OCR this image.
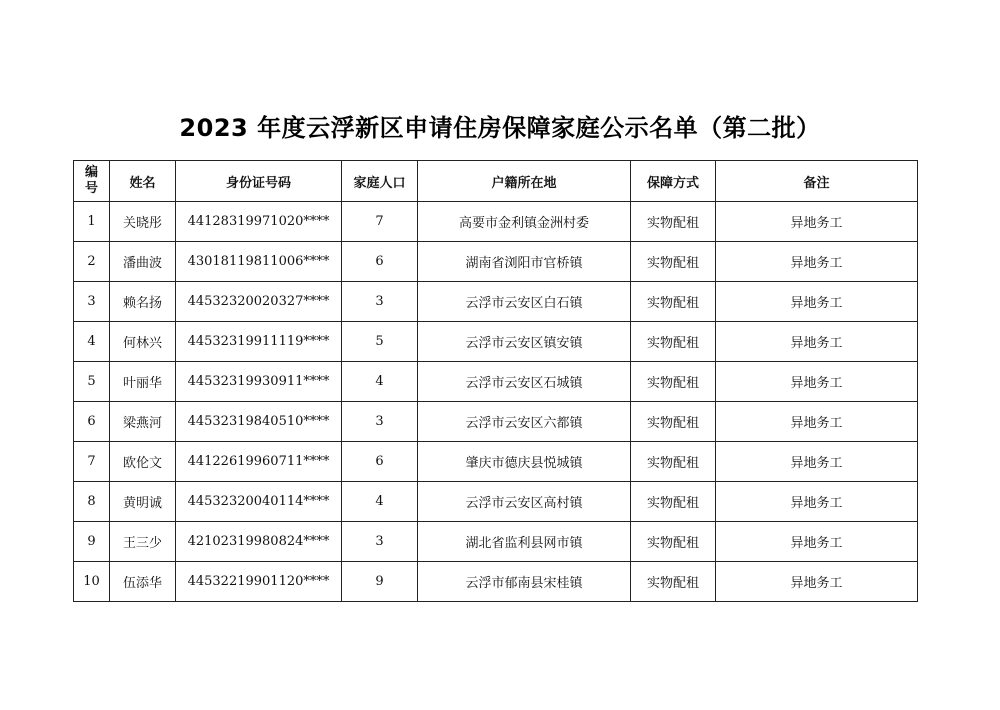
2023 年度云浮新区申请住房保障家庭公示名单（第二批）
编
号	姓名	身份证号码	家庭人口	户籍所在地	保障方式	备注
1	关晓彤	44128319971020****	7	高要市金利镇金洲村委	实物配租	异地务工
2	潘曲波	43018119811006****	6	湖南省浏阳市官桥镇	实物配租	异地务工
3	赖名扬	44532320020327****	3	云浮市云安区白石镇	实物配租	异地务工
4	何林兴	44532319911119****	5	云浮市云安区镇安镇	实物配租	异地务工
5	叶丽华	44532319930911****	4	云浮市云安区石城镇	实物配租	异地务工
6	梁燕河	44532319840510****	3	云浮市云安区六都镇	实物配租	异地务工
7	欧伦文	44122619960711****	6	肇庆市德庆县悦城镇	实物配租	异地务工
8	黄明诚	44532320040114****	4	云浮市云安区高村镇	实物配租	异地务工
9	王三少	42102319980824****	3	湖北省监利县网市镇	实物配租	异地务工
10	伍添华	44532219901120****	9	云浮市郁南县宋桂镇	实物配租	异地务工
